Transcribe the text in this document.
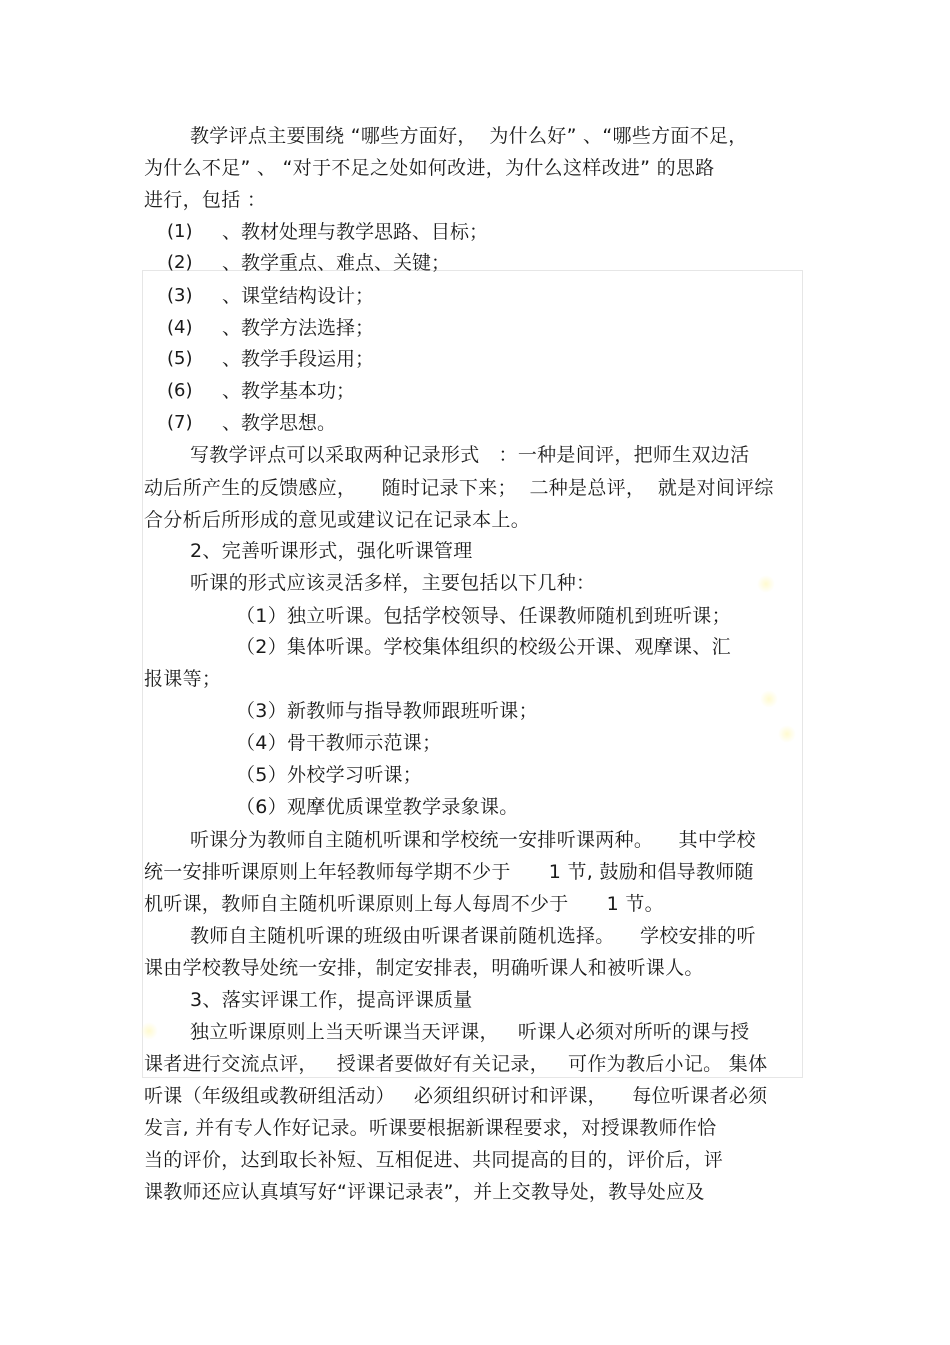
教学评点主要围绕 “哪些方面好，  为什么好” 、“哪些方面不足，
为什么不足” 、 “对于不足之处如何改进，为什么这样改进” 的思路
进行，包括 ：
(1) 、教材处理与教学思路、目标；
(2) 、教学重点、难点、关键；
(3) 、课堂结构设计；
(4) 、教学方法选择；
(5) 、教学手段运用；
(6) 、教学基本功；
(7) 、教学思想。
写教学评点可以采取两种记录形式   ：一种是间评，把师生双边活
动后所产生的反馈感应，    随时记录下来；  二种是总评，  就是对间评综
合分析后所形成的意见或建议记在记录本上。
2、完善听课形式，强化听课管理
听课的形式应该灵活多样，主要包括以下几种：
（1）独立听课。包括学校领导、任课教师随机到班听课；
（2）集体听课。学校集体组织的校级公开课、观摩课、汇
报课等；
（3）新教师与指导教师跟班听课；
（4）骨干教师示范课；
（5）外校学习听课；
（6）观摩优质课堂教学录象课。
听课分为教师自主随机听课和学校统一安排听课两种。    其中学校
统一安排听课原则上年轻教师每学期不少于      1 节, 鼓励和倡导教师随
机听课，教师自主随机听课原则上每人每周不少于      1 节。
教师自主随机听课的班级由听课者课前随机选择。    学校安排的听
课由学校教导处统一安排，制定安排表，明确听课人和被听课人。
3、落实评课工作，提高评课质量
独立听课原则上当天听课当天评课，   听课人必须对所听的课与授
课者进行交流点评，   授课者要做好有关记录，   可作为教后小记。 集体
听课（年级组或教研组活动）   必须组织研讨和评课，    每位听课者必须
发言, 并有专人作好记录。听课要根据新课程要求，对授课教师作恰
当的评价，达到取长补短、互相促进、共同提高的目的，评价后，评
课教师还应认真填写好“评课记录表”，并上交教导处，教导处应及
